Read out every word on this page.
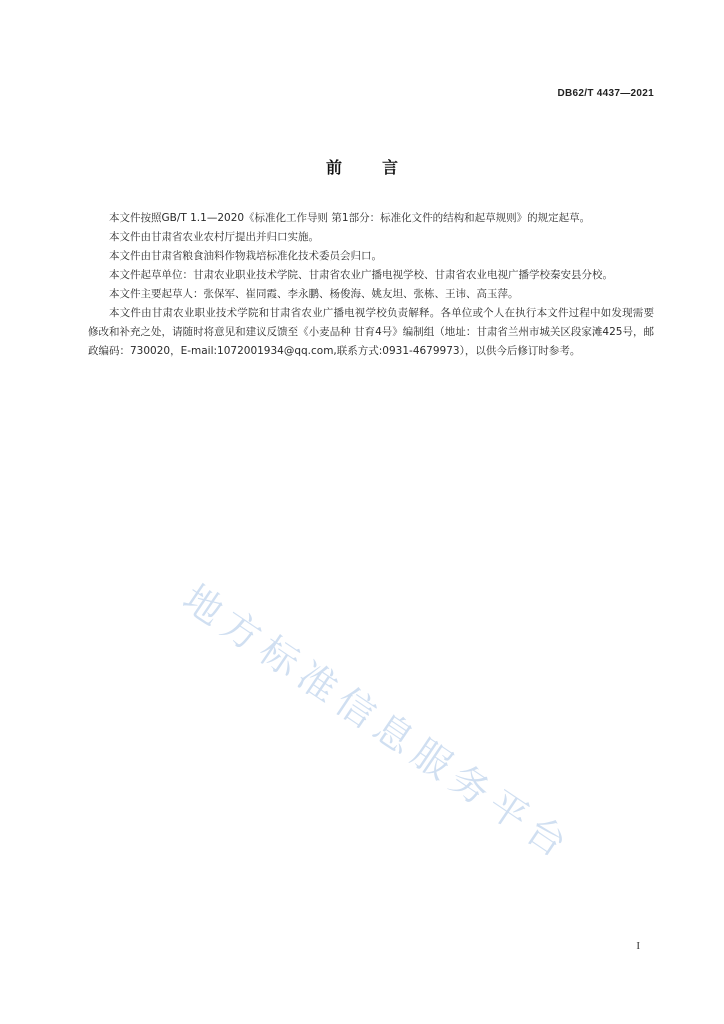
DB62/T 4437—2021
前言

本文件按照GB/T 1.1—2020《标准化工作导则 第1部分：标准化文件的结构和起草规则》的规定起草。

本文件由甘肃省农业农村厅提出并归口实施。

本文件由甘肃省粮食油料作物栽培标准化技术委员会归口。

本文件起草单位：甘肃农业职业技术学院、甘肃省农业广播电视学校、甘肃省农业电视广播学校秦安县分校。

本文件主要起草人：张保军、崔同霞、李永鹏、杨俊海、姚友坦、张栋、王讳、高玉萍。

本文件由甘肃农业职业技术学院和甘肃省农业广播电视学校负责解释。各单位或个人在执行本文件过程中如发现需要修改和补充之处，请随时将意见和建议反馈至《小麦品种 甘育4号》编制组（地址：甘肃省兰州市城关区段家滩425号，邮政编码：730020，E-mail:1072001934@qq.com,联系方式:0931-4679973），以供今后修订时参考。

地方标准信息服务平台
I
